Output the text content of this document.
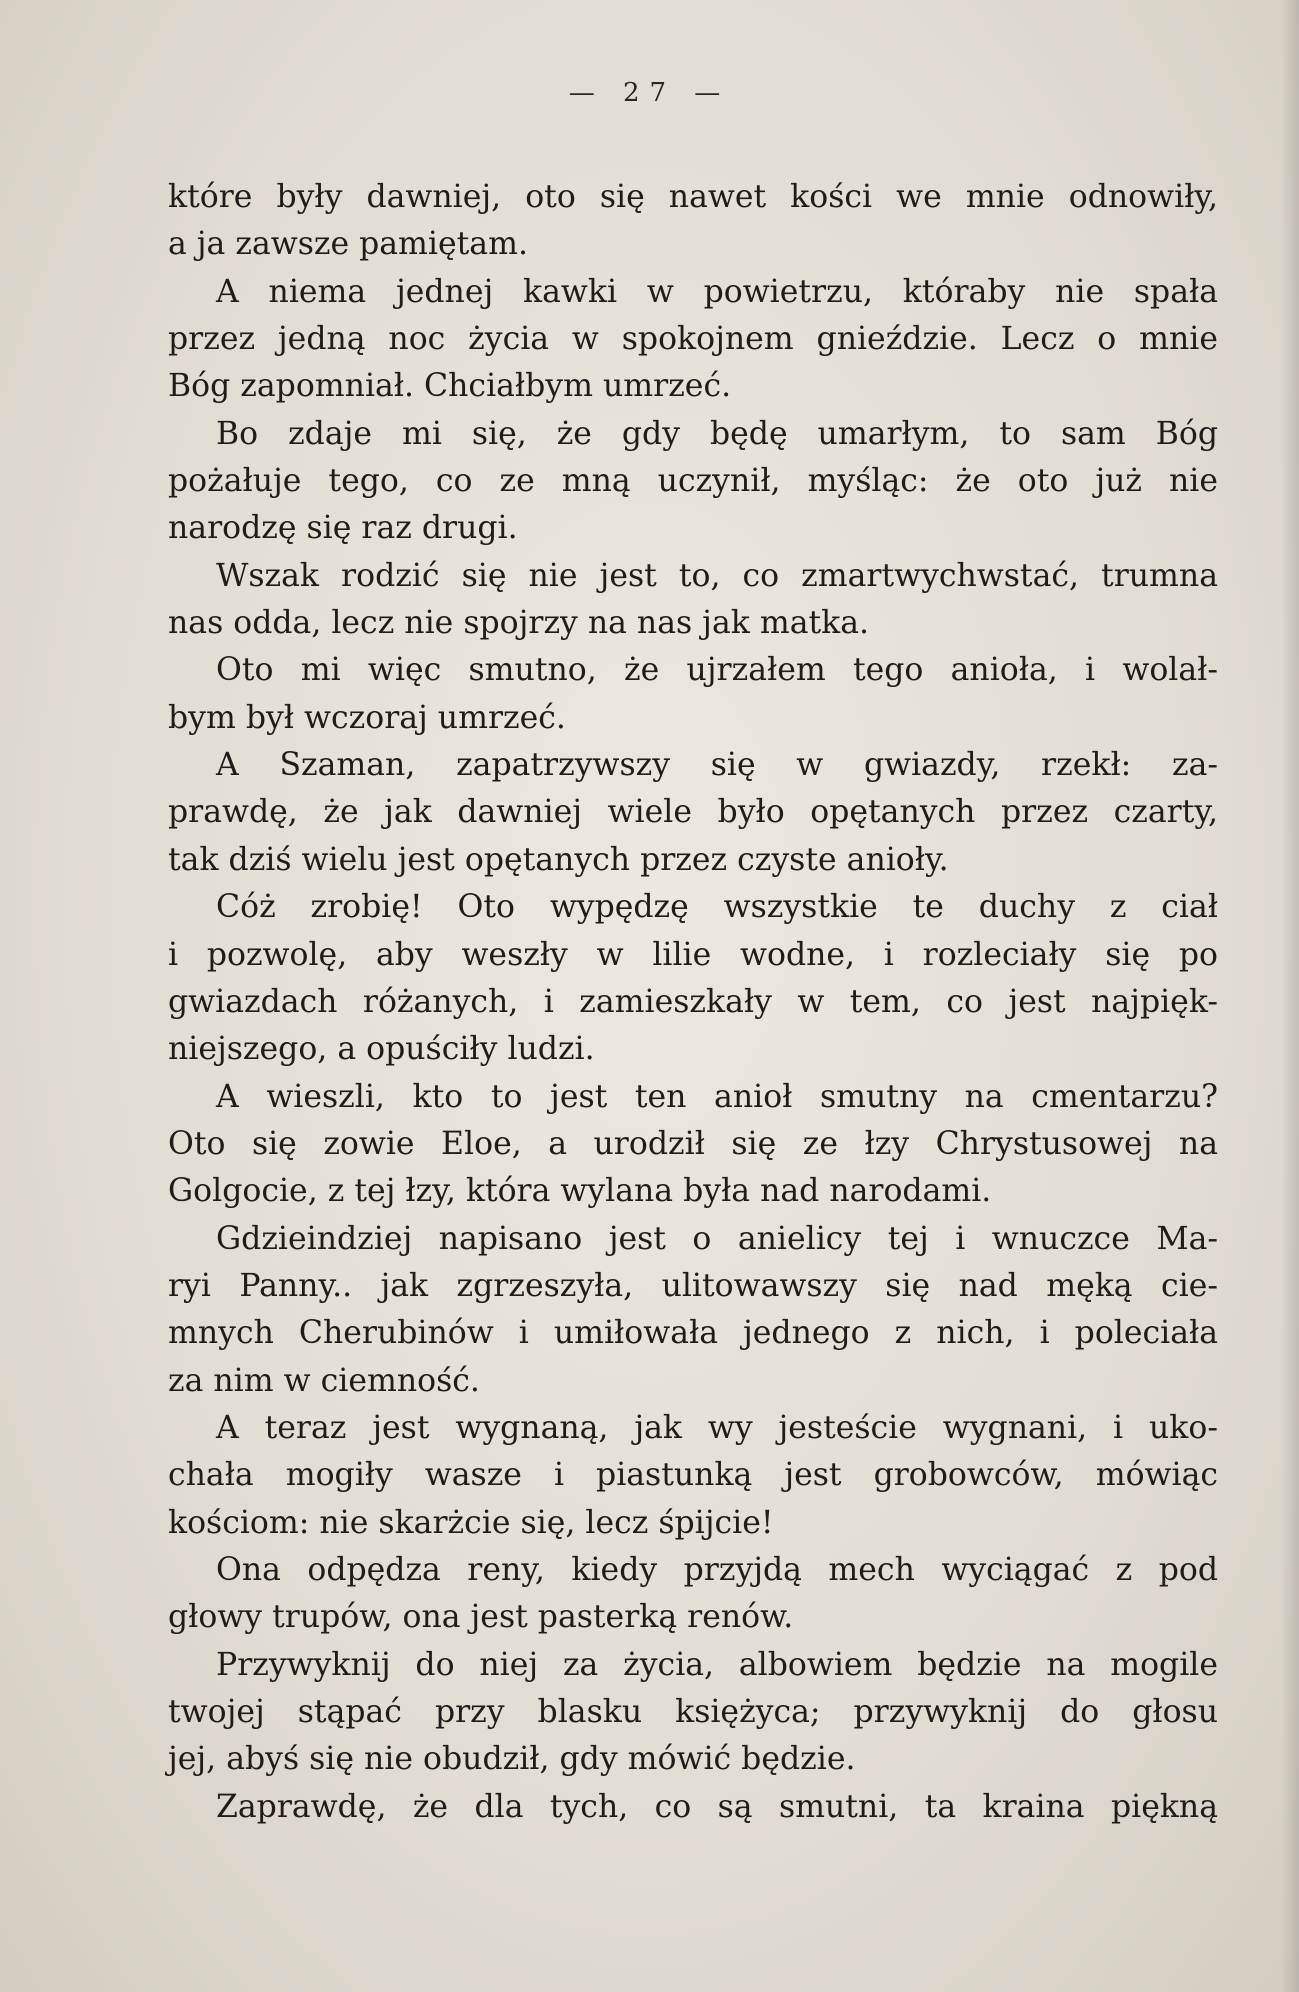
— 27 —
które były dawniej, oto się nawet kości we mnie odnowiły,
a ja zawsze pamiętam.
A niema jednej kawki w powietrzu, któraby nie spała
przez jedną noc życia w spokojnem gnieździe. Lecz o mnie
Bóg zapomniał. Chciałbym umrzeć.
Bo zdaje mi się, że gdy będę umarłym, to sam Bóg
pożałuje tego, co ze mną uczynił, myśląc: że oto już nie
narodzę się raz drugi.
Wszak rodzić się nie jest to, co zmartwychwstać, trumna
nas odda, lecz nie spojrzy na nas jak matka.
Oto mi więc smutno, że ujrzałem tego anioła, i wolał-
bym był wczoraj umrzeć.
A Szaman, zapatrzywszy się w gwiazdy, rzekł: za-
prawdę, że jak dawniej wiele było opętanych przez czarty,
tak dziś wielu jest opętanych przez czyste anioły.
Cóż zrobię! Oto wypędzę wszystkie te duchy z ciał
i pozwolę, aby weszły w lilie wodne, i rozleciały się po
gwiazdach różanych, i zamieszkały w tem, co jest najpięk-
niejszego, a opuściły ludzi.
A wieszli, kto to jest ten anioł smutny na cmentarzu?
Oto się zowie Eloe, a urodził się ze łzy Chrystusowej na
Golgocie, z tej łzy, która wylana była nad narodami.
Gdzieindziej napisano jest o anielicy tej i wnuczce Ma-
ryi Panny.. jak zgrzeszyła, ulitowawszy się nad męką cie-
mnych Cherubinów i umiłowała jednego z nich, i poleciała
za nim w ciemność.
A teraz jest wygnaną, jak wy jesteście wygnani, i uko-
chała mogiły wasze i piastunką jest grobowców, mówiąc
kościom: nie skarżcie się, lecz śpijcie!
Ona odpędza reny, kiedy przyjdą mech wyciągać z pod
głowy trupów, ona jest pasterką renów.
Przywyknij do niej za życia, albowiem będzie na mogile
twojej stąpać przy blasku księżyca; przywyknij do głosu
jej, abyś się nie obudził, gdy mówić będzie.
Zaprawdę, że dla tych, co są smutni, ta kraina piękną
